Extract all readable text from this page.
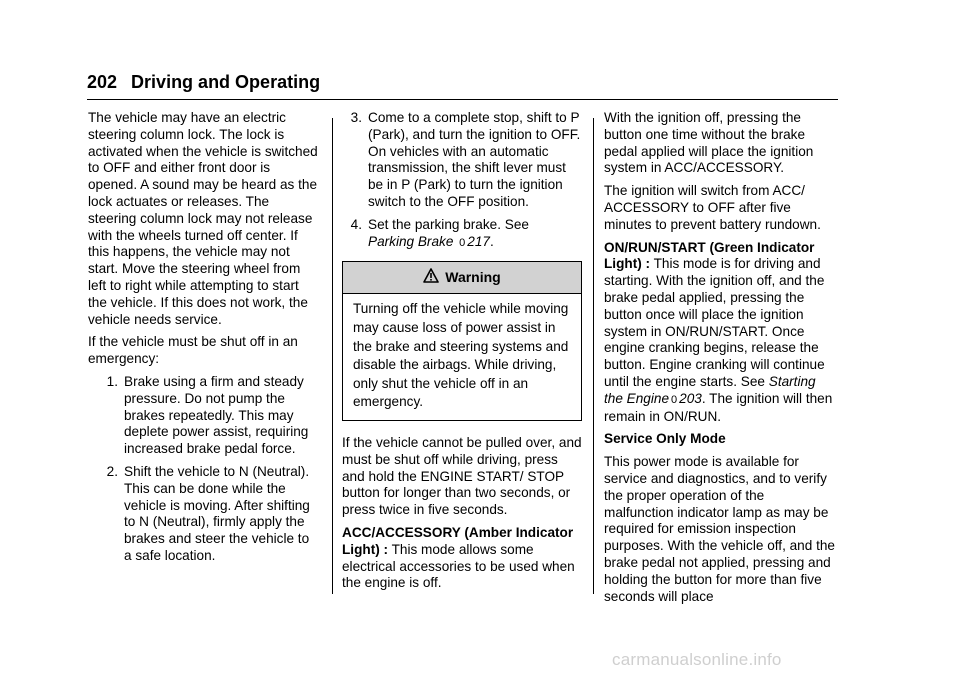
202 Driving and Operating

The vehicle may have an electric steering column lock. The lock is activated when the vehicle is switched to OFF and either front door is opened. A sound may be heard as the lock actuates or releases. The steering column lock may not release with the wheels turned off center. If this happens, the vehicle may not start. Move the steering wheel from left to right while attempting to start the vehicle. If this does not work, the vehicle needs service.

If the vehicle must be shut off in an emergency:

1. Brake using a firm and steady pressure. Do not pump the brakes repeatedly. This may deplete power assist, requiring increased brake pedal force.
2. Shift the vehicle to N (Neutral). This can be done while the vehicle is moving. After shifting to N (Neutral), firmly apply the brakes and steer the vehicle to a safe location.
3. Come to a complete stop, shift to P (Park), and turn the ignition to OFF. On vehicles with an automatic transmission, the shift lever must be in P (Park) to turn the ignition switch to the OFF position.
4. Set the parking brake. See
Parking Brake 0 217.
Warning
Turning off the vehicle while moving may cause loss of power assist in the brake and steering systems and disable the airbags. While driving, only shut the vehicle off in an emergency.

If the vehicle cannot be pulled over, and must be shut off while driving, press and hold the ENGINE START/ STOP button for longer than two seconds, or press twice in five seconds.

ACC/ACCESSORY (Amber Indicator Light) : This mode allows some electrical accessories to be used when the engine is off.

With the ignition off, pressing the button one time without the brake pedal applied will place the ignition system in ACC/ACCESSORY.

The ignition will switch from ACC/ ACCESSORY to OFF after five minutes to prevent battery rundown.

ON/RUN/START (Green Indicator Light) : This mode is for driving and starting. With the ignition off, and the brake pedal applied, pressing the button once will place the ignition system in ON/RUN/START. Once engine cranking begins, release the button. Engine cranking will continue until the engine starts. See Starting the Engine 0 203. The ignition will then remain in ON/RUN.

Service Only Mode

This power mode is available for service and diagnostics, and to verify the proper operation of the malfunction indicator lamp as may be required for emission inspection purposes. With the vehicle off, and the brake pedal not applied, pressing and holding the button for more than five seconds will place

carmanualsonline.info
